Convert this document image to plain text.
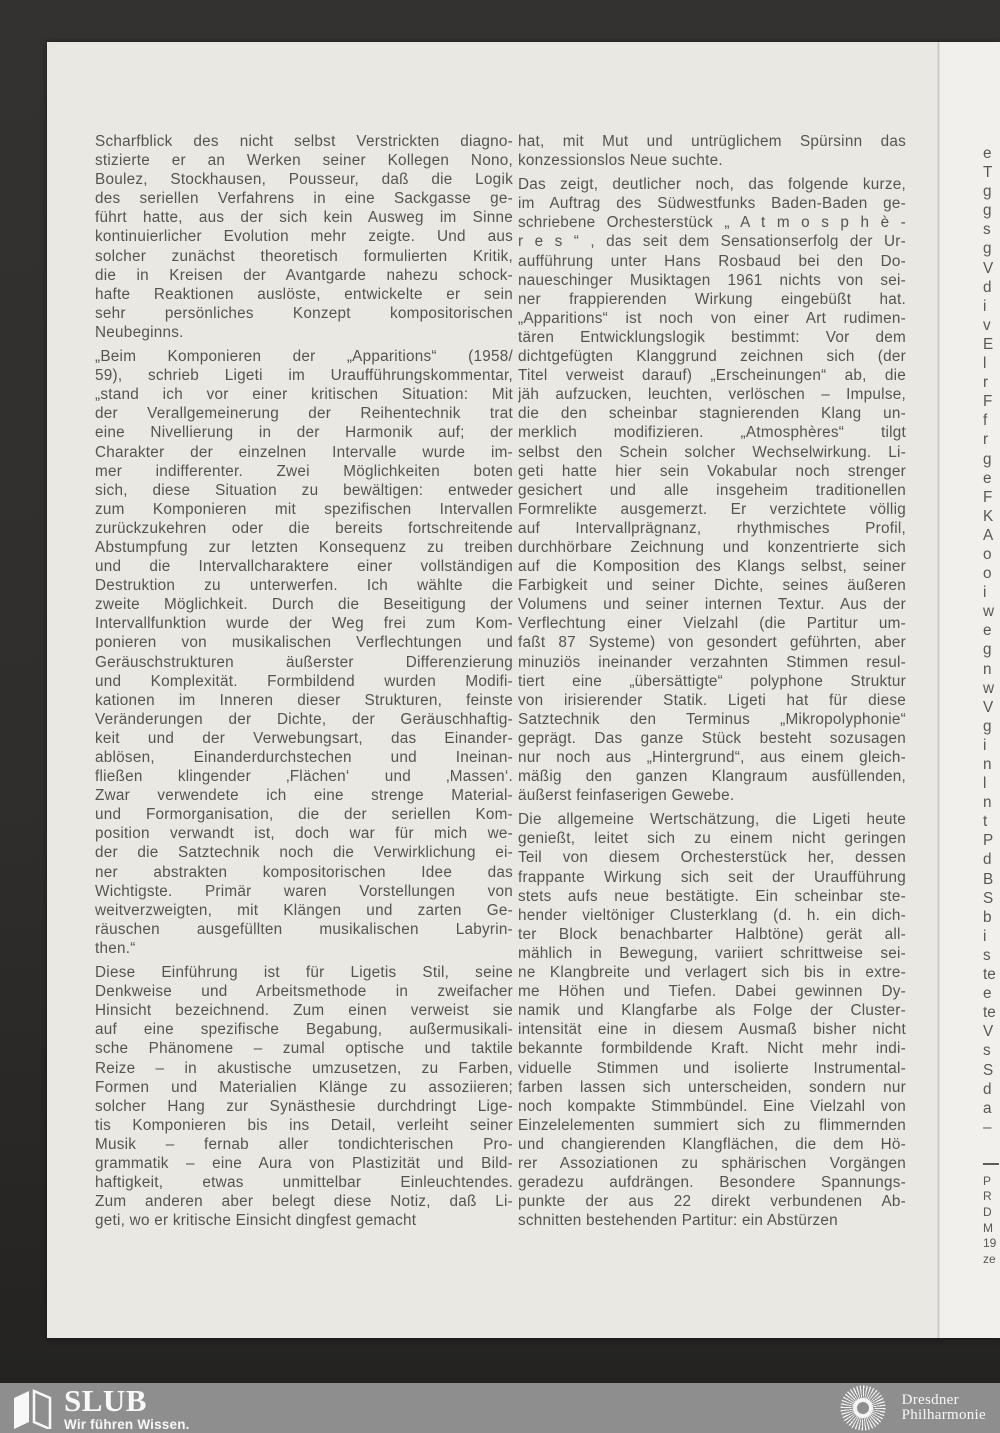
Scharfblick des nicht selbst Verstrickten diagno-
stizierte er an Werken seiner Kollegen Nono,
Boulez, Stockhausen, Pousseur, daß die Logik
des seriellen Verfahrens in eine Sackgasse ge-
führt hatte, aus der sich kein Ausweg im Sinne
kontinuierlicher Evolution mehr zeigte. Und aus
solcher zunächst theoretisch formulierten Kritik,
die in Kreisen der Avantgarde nahezu schock-
hafte Reaktionen auslöste, entwickelte er sein
sehr persönliches Konzept kompositorischen
Neubeginns.
„Beim Komponieren der „Apparitions“ (1958/
59), schrieb Ligeti im Uraufführungskommentar,
„stand ich vor einer kritischen Situation: Mit
der Verallgemeinerung der Reihentechnik trat
eine Nivellierung in der Harmonik auf; der
Charakter der einzelnen Intervalle wurde im-
mer indifferenter. Zwei Möglichkeiten boten
sich, diese Situation zu bewältigen: entweder
zum Komponieren mit spezifischen Intervallen
zurückzukehren oder die bereits fortschreitende
Abstumpfung zur letzten Konsequenz zu treiben
und die Intervallcharaktere einer vollständigen
Destruktion zu unterwerfen. Ich wählte die
zweite Möglichkeit. Durch die Beseitigung der
Intervallfunktion wurde der Weg frei zum Kom-
ponieren von musikalischen Verflechtungen und
Geräuschstrukturen äußerster Differenzierung
und Komplexität. Formbildend wurden Modifi-
kationen im Inneren dieser Strukturen, feinste
Veränderungen der Dichte, der Geräuschhaftig-
keit und der Verwebungsart, das Einander-
ablösen, Einanderdurchstechen und Ineinan-
fließen klingender ‚Flächen‘ und ‚Massen‘.
Zwar verwendete ich eine strenge Material-
und Formorganisation, die der seriellen Kom-
position verwandt ist, doch war für mich we-
der die Satztechnik noch die Verwirklichung ei-
ner abstrakten kompositorischen Idee das
Wichtigste. Primär waren Vorstellungen von
weitverzweigten, mit Klängen und zarten Ge-
räuschen ausgefüllten musikalischen Labyrin-
then.“
Diese Einführung ist für Ligetis Stil, seine
Denkweise und Arbeitsmethode in zweifacher
Hinsicht bezeichnend. Zum einen verweist sie
auf eine spezifische Begabung, außermusikali-
sche Phänomene – zumal optische und taktile
Reize – in akustische umzusetzen, zu Farben,
Formen und Materialien Klänge zu assoziieren;
solcher Hang zur Synästhesie durchdringt Lige-
tis Komponieren bis ins Detail, verleiht seiner
Musik – fernab aller tondichterischen Pro-
grammatik – eine Aura von Plastizität und Bild-
haftigkeit, etwas unmittelbar Einleuchtendes.
Zum anderen aber belegt diese Notiz, daß Li-
geti, wo er kritische Einsicht dingfest gemacht
hat, mit Mut und untrüglichem Spürsinn das
konzessionslos Neue suchte.
Das zeigt, deutlicher noch, das folgende kurze,
im Auftrag des Südwestfunks Baden-Baden ge-
schriebene Orchesterstück „ A t m o s p h è -
r e s “ , das seit dem Sensationserfolg der Ur-
aufführung unter Hans Rosbaud bei den Do-
naueschinger Musiktagen 1961 nichts von sei-
ner frappierenden Wirkung eingebüßt hat.
„Apparitions“ ist noch von einer Art rudimen-
tären Entwicklungslogik bestimmt: Vor dem
dichtgefügten Klanggrund zeichnen sich (der
Titel verweist darauf) „Erscheinungen“ ab, die
jäh aufzucken, leuchten, verlöschen – Impulse,
die den scheinbar stagnierenden Klang un-
merklich modifizieren. „Atmosphères“ tilgt
selbst den Schein solcher Wechselwirkung. Li-
geti hatte hier sein Vokabular noch strenger
gesichert und alle insgeheim traditionellen
Formrelikte ausgemerzt. Er verzichtete völlig
auf Intervallprägnanz, rhythmisches Profil,
durchhörbare Zeichnung und konzentrierte sich
auf die Komposition des Klangs selbst, seiner
Farbigkeit und seiner Dichte, seines äußeren
Volumens und seiner internen Textur. Aus der
Verflechtung einer Vielzahl (die Partitur um-
faßt 87 Systeme) von gesondert geführten, aber
minuziös ineinander verzahnten Stimmen resul-
tiert eine „übersättigte“ polyphone Struktur
von irisierender Statik. Ligeti hat für diese
Satztechnik den Terminus „Mikropolyphonie“
geprägt. Das ganze Stück besteht sozusagen
nur noch aus „Hintergrund“, aus einem gleich-
mäßig den ganzen Klangraum ausfüllenden,
äußerst feinfaserigen Gewebe.
Die allgemeine Wertschätzung, die Ligeti heute
genießt, leitet sich zu einem nicht geringen
Teil von diesem Orchesterstück her, dessen
frappante Wirkung sich seit der Uraufführung
stets aufs neue bestätigte. Ein scheinbar ste-
hender vieltöniger Clusterklang (d. h. ein dich-
ter Block benachbarter Halbtöne) gerät all-
mählich in Bewegung, variiert schrittweise sei-
ne Klangbreite und verlagert sich bis in extre-
me Höhen und Tiefen. Dabei gewinnen Dy-
namik und Klangfarbe als Folge der Cluster-
intensität eine in diesem Ausmaß bisher nicht
bekannte formbildende Kraft. Nicht mehr indi-
viduelle Stimmen und isolierte Instrumental-
farben lassen sich unterscheiden, sondern nur
noch kompakte Stimmbündel. Eine Vielzahl von
Einzelelementen summiert sich zu flimmernden
und changierenden Klangflächen, die dem Hö-
rer Assoziationen zu sphärischen Vorgängen
geradezu aufdrängen. Besondere Spannungs-
punkte der aus 22 direkt verbundenen Ab-
schnitten bestehenden Partitur: ein Abstürzen
e
T
g
g
s
g
V
d
i
v
E
l
r
F
f
r
g
e
F
K
A
o
o
i
w
e
g
n
w
V
g
i
n
l
n
t
P
d
B
S
b
i
s
te
e
te
V
s
S
d
a
–
P
R
D
M
19
ze
SLUB
Wir führen Wissen.
Dresdner
Philharmonie
